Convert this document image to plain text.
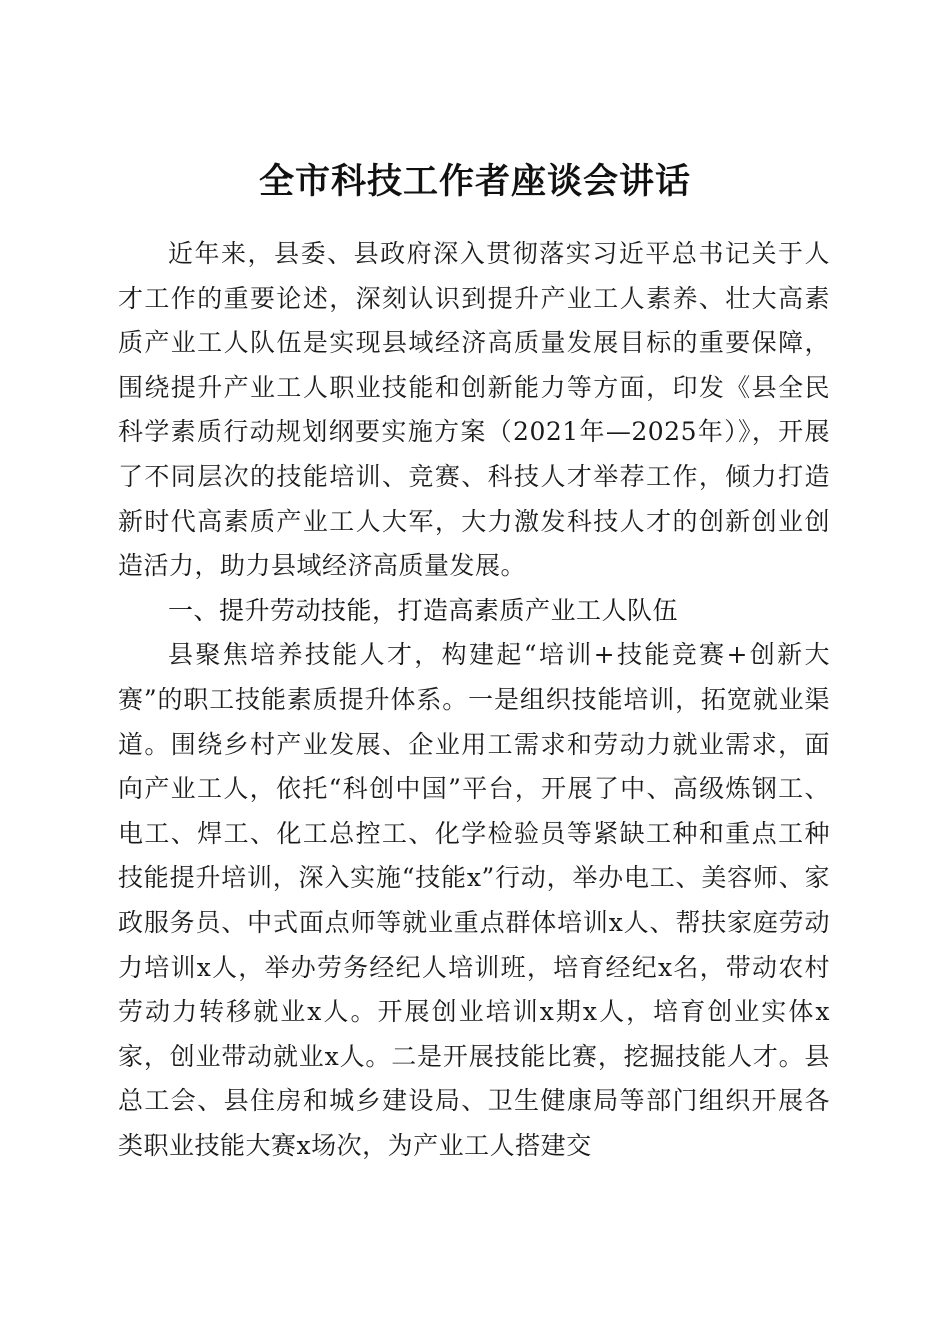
全市科技工作者座谈会讲话

近年来，县委、县政府深入贯彻落实习近平总书记关于人才工作的重要论述，深刻认识到提升产业工人素养、壮大高素质产业工人队伍是实现县域经济高质量发展目标的重要保障，围绕提升产业工人职业技能和创新能力等方面，印发《县全民科学素质行动规划纲要实施方案（2021年—2025年）》，开展了不同层次的技能培训、竞赛、科技人才举荐工作，倾力打造新时代高素质产业工人大军，大力激发科技人才的创新创业创造活力，助力县域经济高质量发展。

一、提升劳动技能，打造高素质产业工人队伍

县聚焦培养技能人才，构建起“培训+技能竞赛+创新大赛”的职工技能素质提升体系。一是组织技能培训，拓宽就业渠道。围绕乡村产业发展、企业用工需求和劳动力就业需求，面向产业工人，依托“科创中国”平台，开展了中、高级炼钢工、电工、焊工、化工总控工、化学检验员等紧缺工种和重点工种技能提升培训，深入实施“技能x”行动，举办电工、美容师、家政服务员、中式面点师等就业重点群体培训x人、帮扶家庭劳动力培训x人，举办劳务经纪人培训班，培育经纪x名，带动农村劳动力转移就业x人。开展创业培训x期x人，培育创业实体x家，创业带动就业x人。二是开展技能比赛，挖掘技能人才。县总工会、县住房和城乡建设局、卫生健康局等部门组织开展各类职业技能大赛x场次，为产业工人搭建交
